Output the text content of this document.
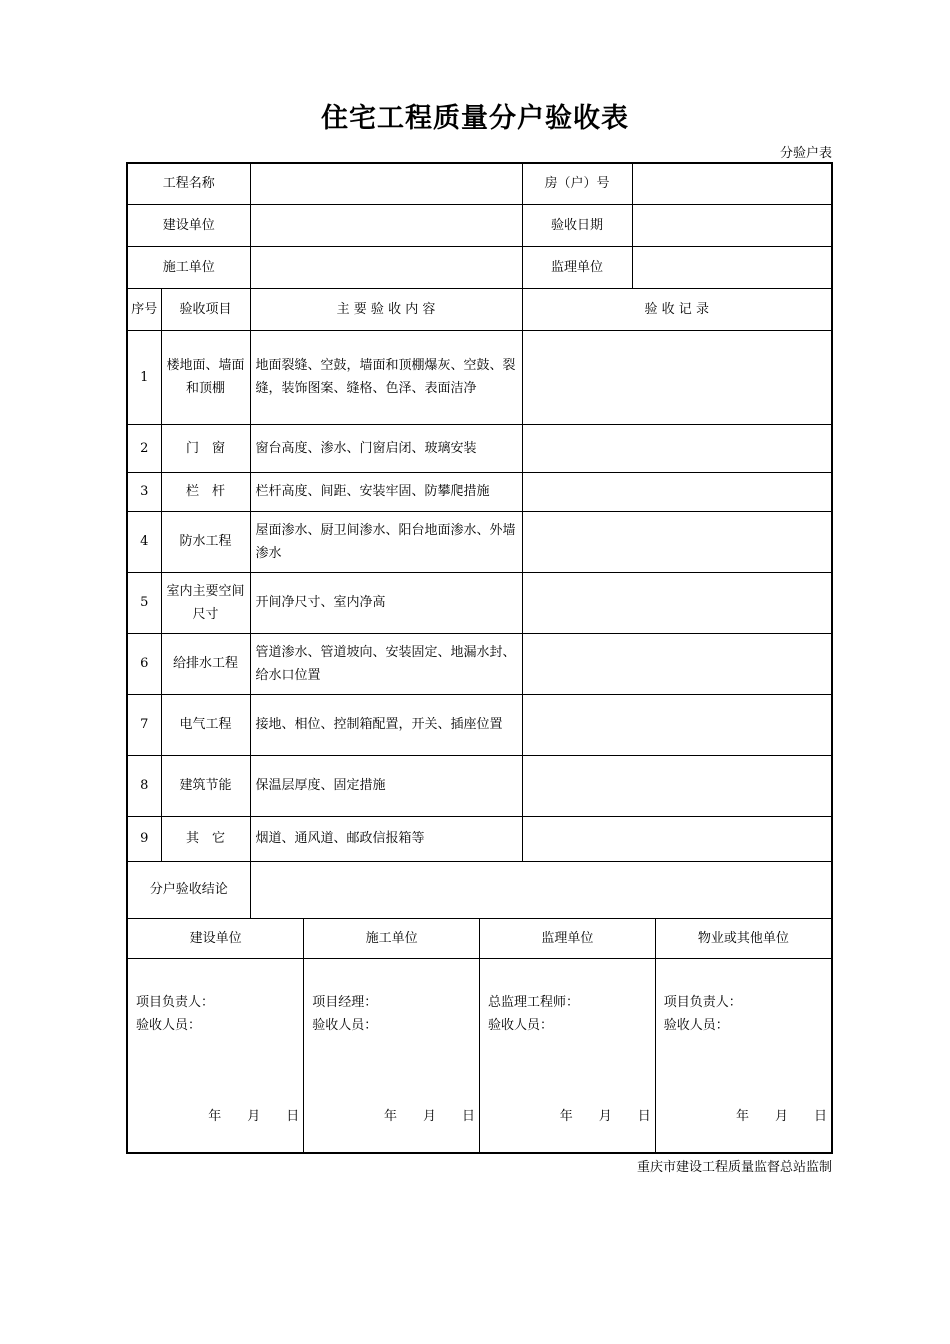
住宅工程质量分户验收表
分验户表
工程名称		房（户）号	
建设单位		验收日期	
施工单位		监理单位	
序号	验收项目	主 要 验 收 内 容	验 收 记 录
1	楼地面、墙面和顶棚	地面裂缝、空鼓，墙面和顶棚爆灰、空鼓、裂缝，装饰图案、缝格、色泽、表面洁净	
2	门　窗	窗台高度、渗水、门窗启闭、玻璃安装	
3	栏　杆	栏杆高度、间距、安装牢固、防攀爬措施	
4	防水工程	屋面渗水、厨卫间渗水、阳台地面渗水、外墙渗水	
5	室内主要空间尺寸	开间净尺寸、室内净高	
6	给排水工程	管道渗水、管道坡向、安装固定、地漏水封、给水口位置	
7	电气工程	接地、相位、控制箱配置，开关、插座位置	
8	建筑节能	保温层厚度、固定措施	
9	其　它	烟道、通风道、邮政信报箱等	
分户验收结论	

建设单位	施工单位	监理单位	物业或其他单位

项目负责人：
验收人员：
年　　月　　日

项目经理：
验收人员：
年　　月　　日

总监理工程师：
验收人员：
年　　月　　日

项目负责人：
验收人员：
年　　月　　日
重庆市建设工程质量监督总站监制
